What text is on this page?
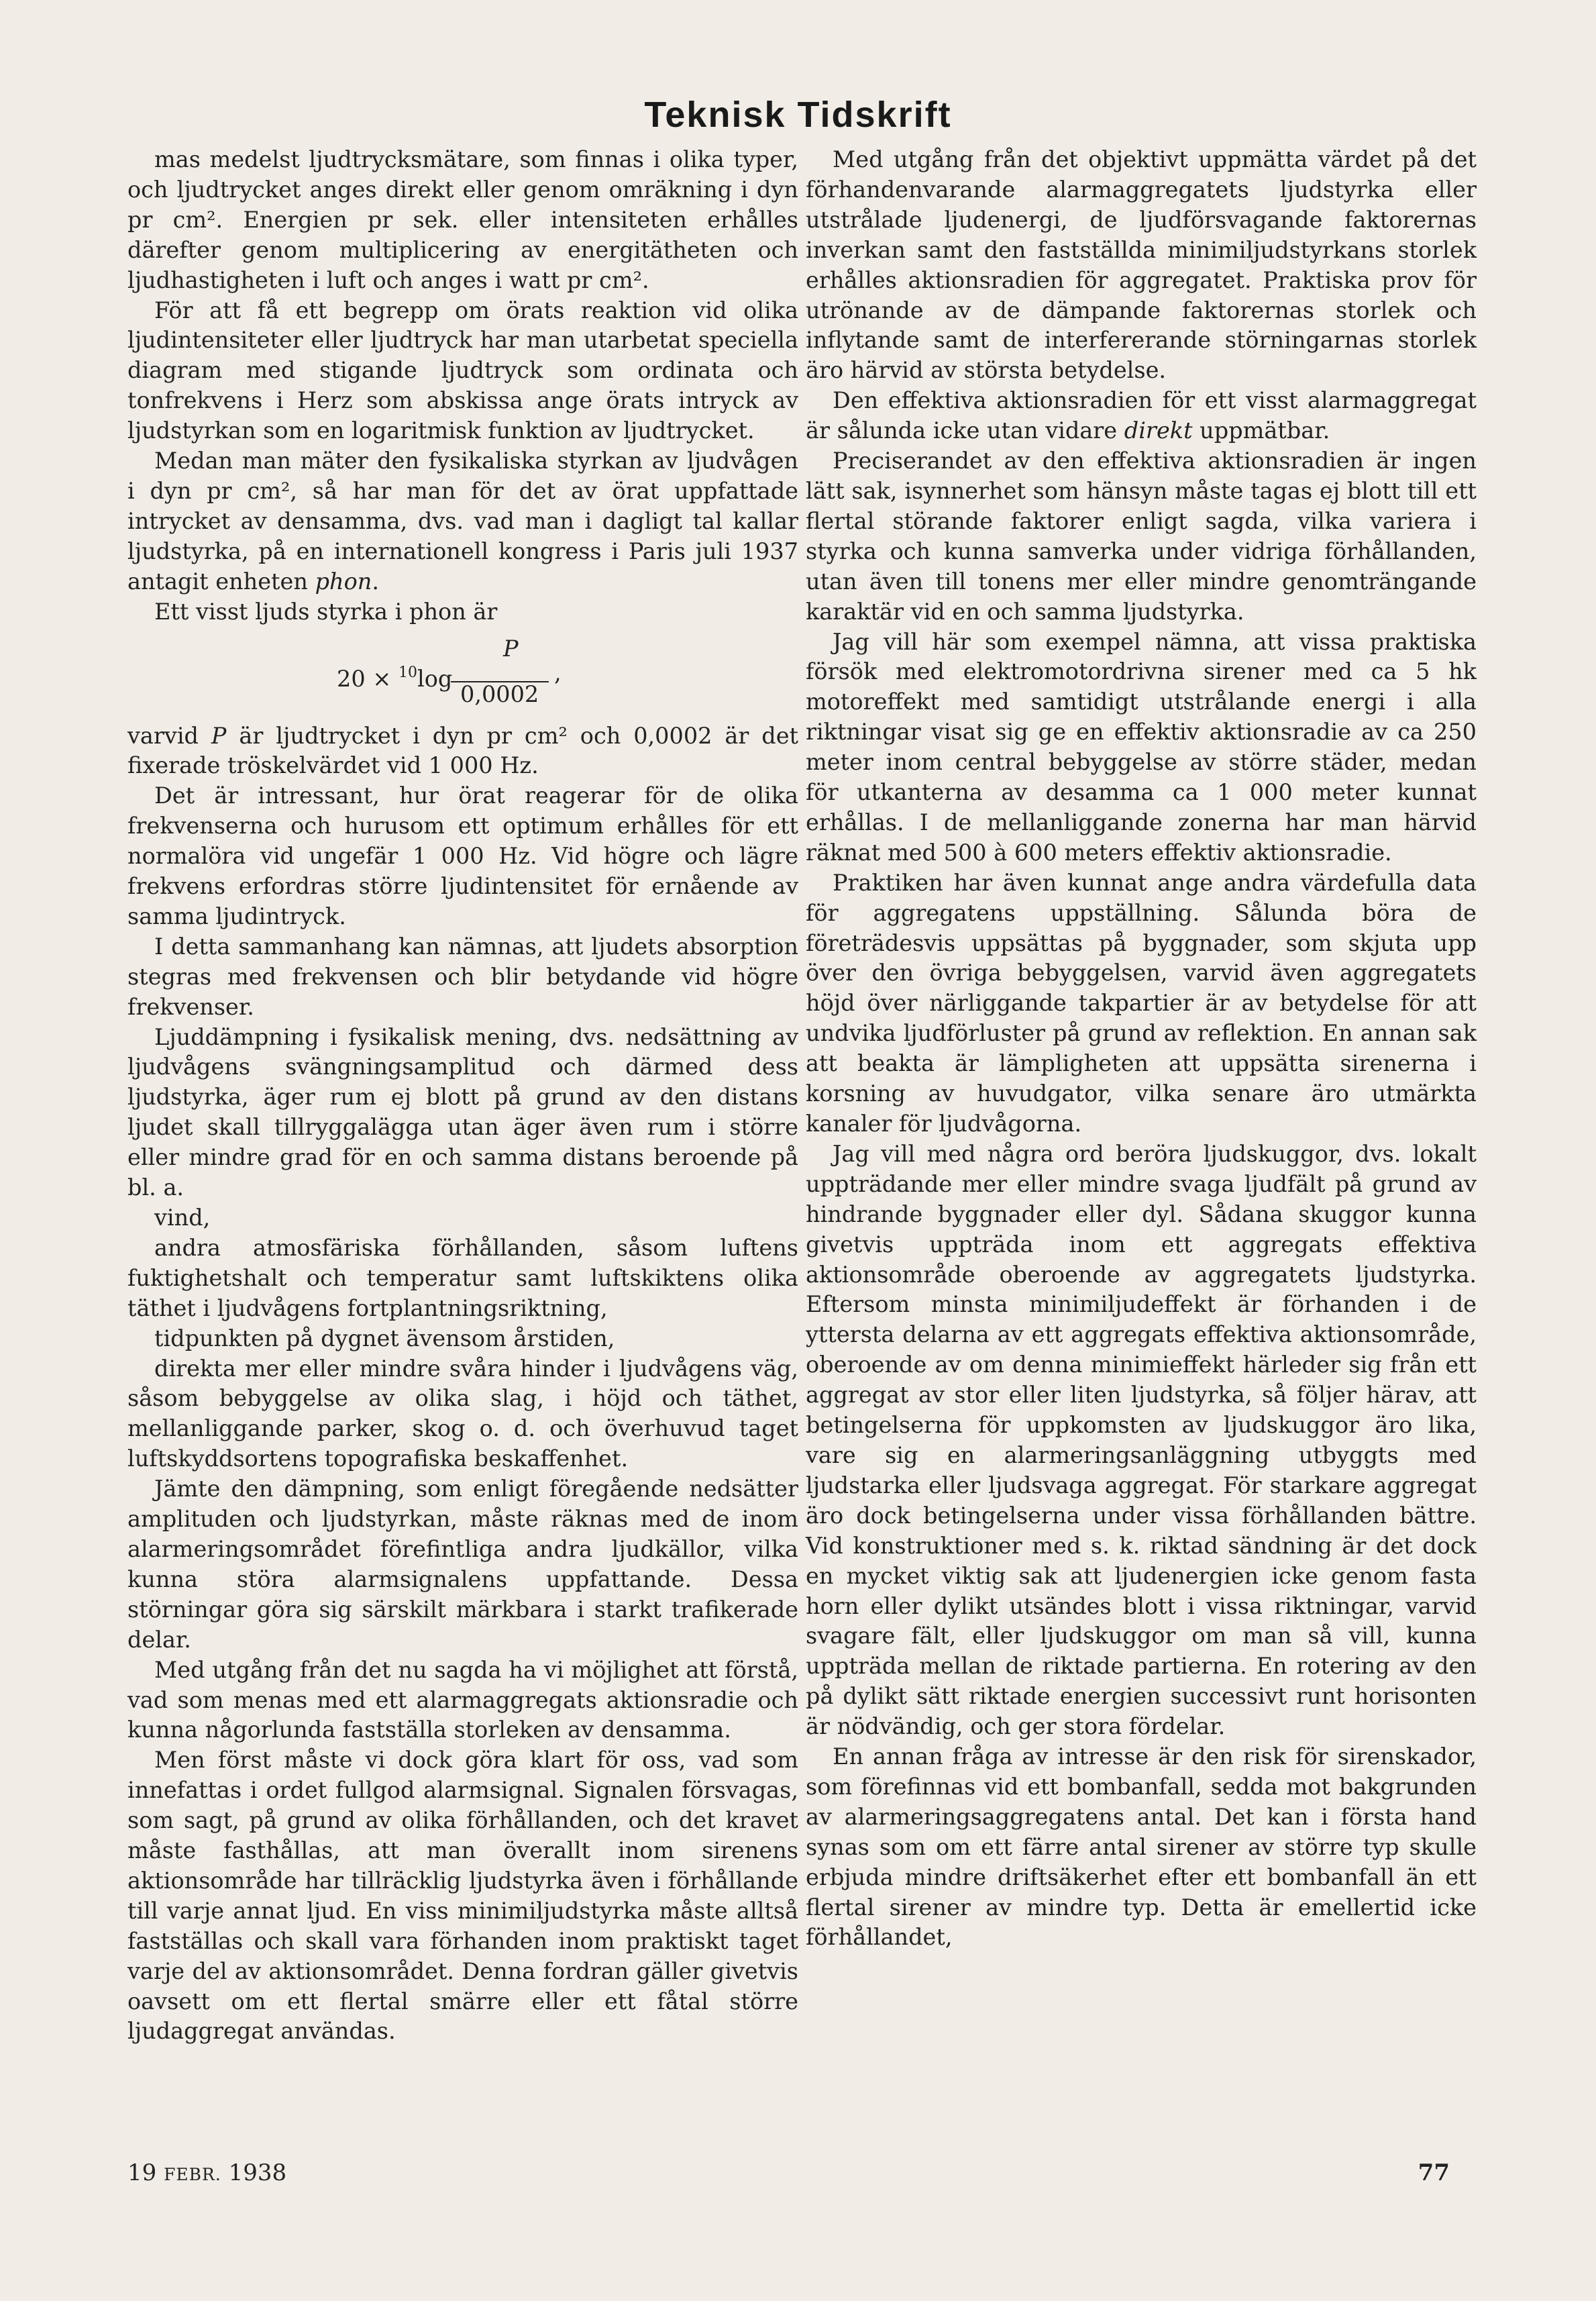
Teknisk Tidskrift

mas medelst ljudtrycksmätare, som finnas i olika typer, och ljudtrycket anges direkt eller genom omräkning i dyn pr cm². Energien pr sek. eller intensiteten erhålles därefter genom multiplicering av energitätheten och ljudhastigheten i luft och anges i watt pr cm².

För att få ett begrepp om örats reaktion vid olika ljudintensiteter eller ljudtryck har man utarbetat speciella diagram med stigande ljudtryck som ordinata och tonfrekvens i Herz som abskissa ange örats intryck av ljudstyrkan som en logaritmisk funktion av ljudtrycket.

Medan man mäter den fysikaliska styrkan av ljudvågen i dyn pr cm², så har man för det av örat uppfattade intrycket av densamma, dvs. vad man i dagligt tal kallar ljudstyrka, på en internationell kongress i Paris juli 1937 antagit enheten phon.

Ett visst ljuds styrka i phon är

P
20 × $^{10}$log
0,0002
,

varvid P är ljudtrycket i dyn pr cm² och 0,0002 är det fixerade tröskelvärdet vid 1 000 Hz.

Det är intressant, hur örat reagerar för de olika frekvenserna och hurusom ett optimum erhålles för ett normalöra vid ungefär 1 000 Hz. Vid högre och lägre frekvens erfordras större ljudintensitet för ernående av samma ljudintryck.

I detta sammanhang kan nämnas, att ljudets absorption stegras med frekvensen och blir betydande vid högre frekvenser.

Ljuddämpning i fysikalisk mening, dvs. nedsättning av ljudvågens svängningsamplitud och därmed dess ljudstyrka, äger rum ej blott på grund av den distans ljudet skall tillryggalägga utan äger även rum i större eller mindre grad för en och samma distans beroende på bl. a.

vind,

andra atmosfäriska förhållanden, såsom luftens fuktighetshalt och temperatur samt luftskiktens olika täthet i ljudvågens fortplantningsriktning,

tidpunkten på dygnet ävensom årstiden,

direkta mer eller mindre svåra hinder i ljudvågens väg, såsom bebyggelse av olika slag, i höjd och täthet, mellanliggande parker, skog o. d. och överhuvud taget luftskyddsortens topografiska beskaffenhet.

Jämte den dämpning, som enligt föregående nedsätter amplituden och ljudstyrkan, måste räknas med de inom alarmeringsområdet förefintliga andra ljudkällor, vilka kunna störa alarmsignalens uppfattande. Dessa störningar göra sig särskilt märkbara i starkt trafikerade delar.

Med utgång från det nu sagda ha vi möjlighet att förstå, vad som menas med ett alarmaggregats aktionsradie och kunna någorlunda fastställa storleken av densamma.

Men först måste vi dock göra klart för oss, vad som innefattas i ordet fullgod alarmsignal. Signalen försvagas, som sagt, på grund av olika förhållanden, och det kravet måste fasthållas, att man överallt inom sirenens aktionsområde har tillräcklig ljudstyrka även i förhållande till varje annat ljud. En viss minimiljudstyrka måste alltså fastställas och skall vara förhanden inom praktiskt taget varje del av aktionsområdet. Denna fordran gäller givetvis oavsett om ett flertal smärre eller ett fåtal större ljudaggregat användas.

Med utgång från det objektivt uppmätta värdet på det förhandenvarande alarmaggregatets ljudstyrka eller utstrålade ljudenergi, de ljudförsvagande faktorernas inverkan samt den fastställda minimiljudstyrkans storlek erhålles aktionsradien för aggregatet. Praktiska prov för utrönande av de dämpande faktorernas storlek och inflytande samt de interfererande störningarnas storlek äro härvid av största betydelse.

Den effektiva aktionsradien för ett visst alarmaggregat är sålunda icke utan vidare direkt uppmätbar.

Preciserandet av den effektiva aktionsradien är ingen lätt sak, isynnerhet som hänsyn måste tagas ej blott till ett flertal störande faktorer enligt sagda, vilka variera i styrka och kunna samverka under vidriga förhållanden, utan även till tonens mer eller mindre genomträngande karaktär vid en och samma ljudstyrka.

Jag vill här som exempel nämna, att vissa praktiska försök med elektromotordrivna sirener med ca 5 hk motoreffekt med samtidigt utstrålande energi i alla riktningar visat sig ge en effektiv aktionsradie av ca 250 meter inom central bebyggelse av större städer, medan för utkanterna av desamma ca 1 000 meter kunnat erhållas. I de mellanliggande zonerna har man härvid räknat med 500 à 600 meters effektiv aktionsradie.

Praktiken har även kunnat ange andra värdefulla data för aggregatens uppställning. Sålunda böra de företrädesvis uppsättas på byggnader, som skjuta upp över den övriga bebyggelsen, varvid även aggregatets höjd över närliggande takpartier är av betydelse för att undvika ljudförluster på grund av reflektion. En annan sak att beakta är lämpligheten att uppsätta sirenerna i korsning av huvudgator, vilka senare äro utmärkta kanaler för ljudvågorna.

Jag vill med några ord beröra ljudskuggor, dvs. lokalt uppträdande mer eller mindre svaga ljudfält på grund av hindrande byggnader eller dyl. Sådana skuggor kunna givetvis uppträda inom ett aggregats effektiva aktionsområde oberoende av aggregatets ljudstyrka. Eftersom minsta minimiljudeffekt är förhanden i de yttersta delarna av ett aggregats effektiva aktionsområde, oberoende av om denna minimieffekt härleder sig från ett aggregat av stor eller liten ljudstyrka, så följer härav, att betingelserna för uppkomsten av ljudskuggor äro lika, vare sig en alarmeringsanläggning utbyggts med ljudstarka eller ljudsvaga aggregat. För starkare aggregat äro dock betingelserna under vissa förhållanden bättre. Vid konstruktioner med s. k. riktad sändning är det dock en mycket viktig sak att ljudenergien icke genom fasta horn eller dylikt utsändes blott i vissa riktningar, varvid svagare fält, eller ljudskuggor om man så vill, kunna uppträda mellan de riktade partierna. En rotering av den på dylikt sätt riktade energien successivt runt horisonten är nödvändig, och ger stora fördelar.

En annan fråga av intresse är den risk för sirenskador, som förefinnas vid ett bombanfall, sedda mot bakgrunden av alarmeringsaggregatens antal. Det kan i första hand synas som om ett färre antal sirener av större typ skulle erbjuda mindre driftsäkerhet efter ett bombanfall än ett flertal sirener av mindre typ. Detta är emellertid icke förhållandet,

19 FEBR. 1938	77
